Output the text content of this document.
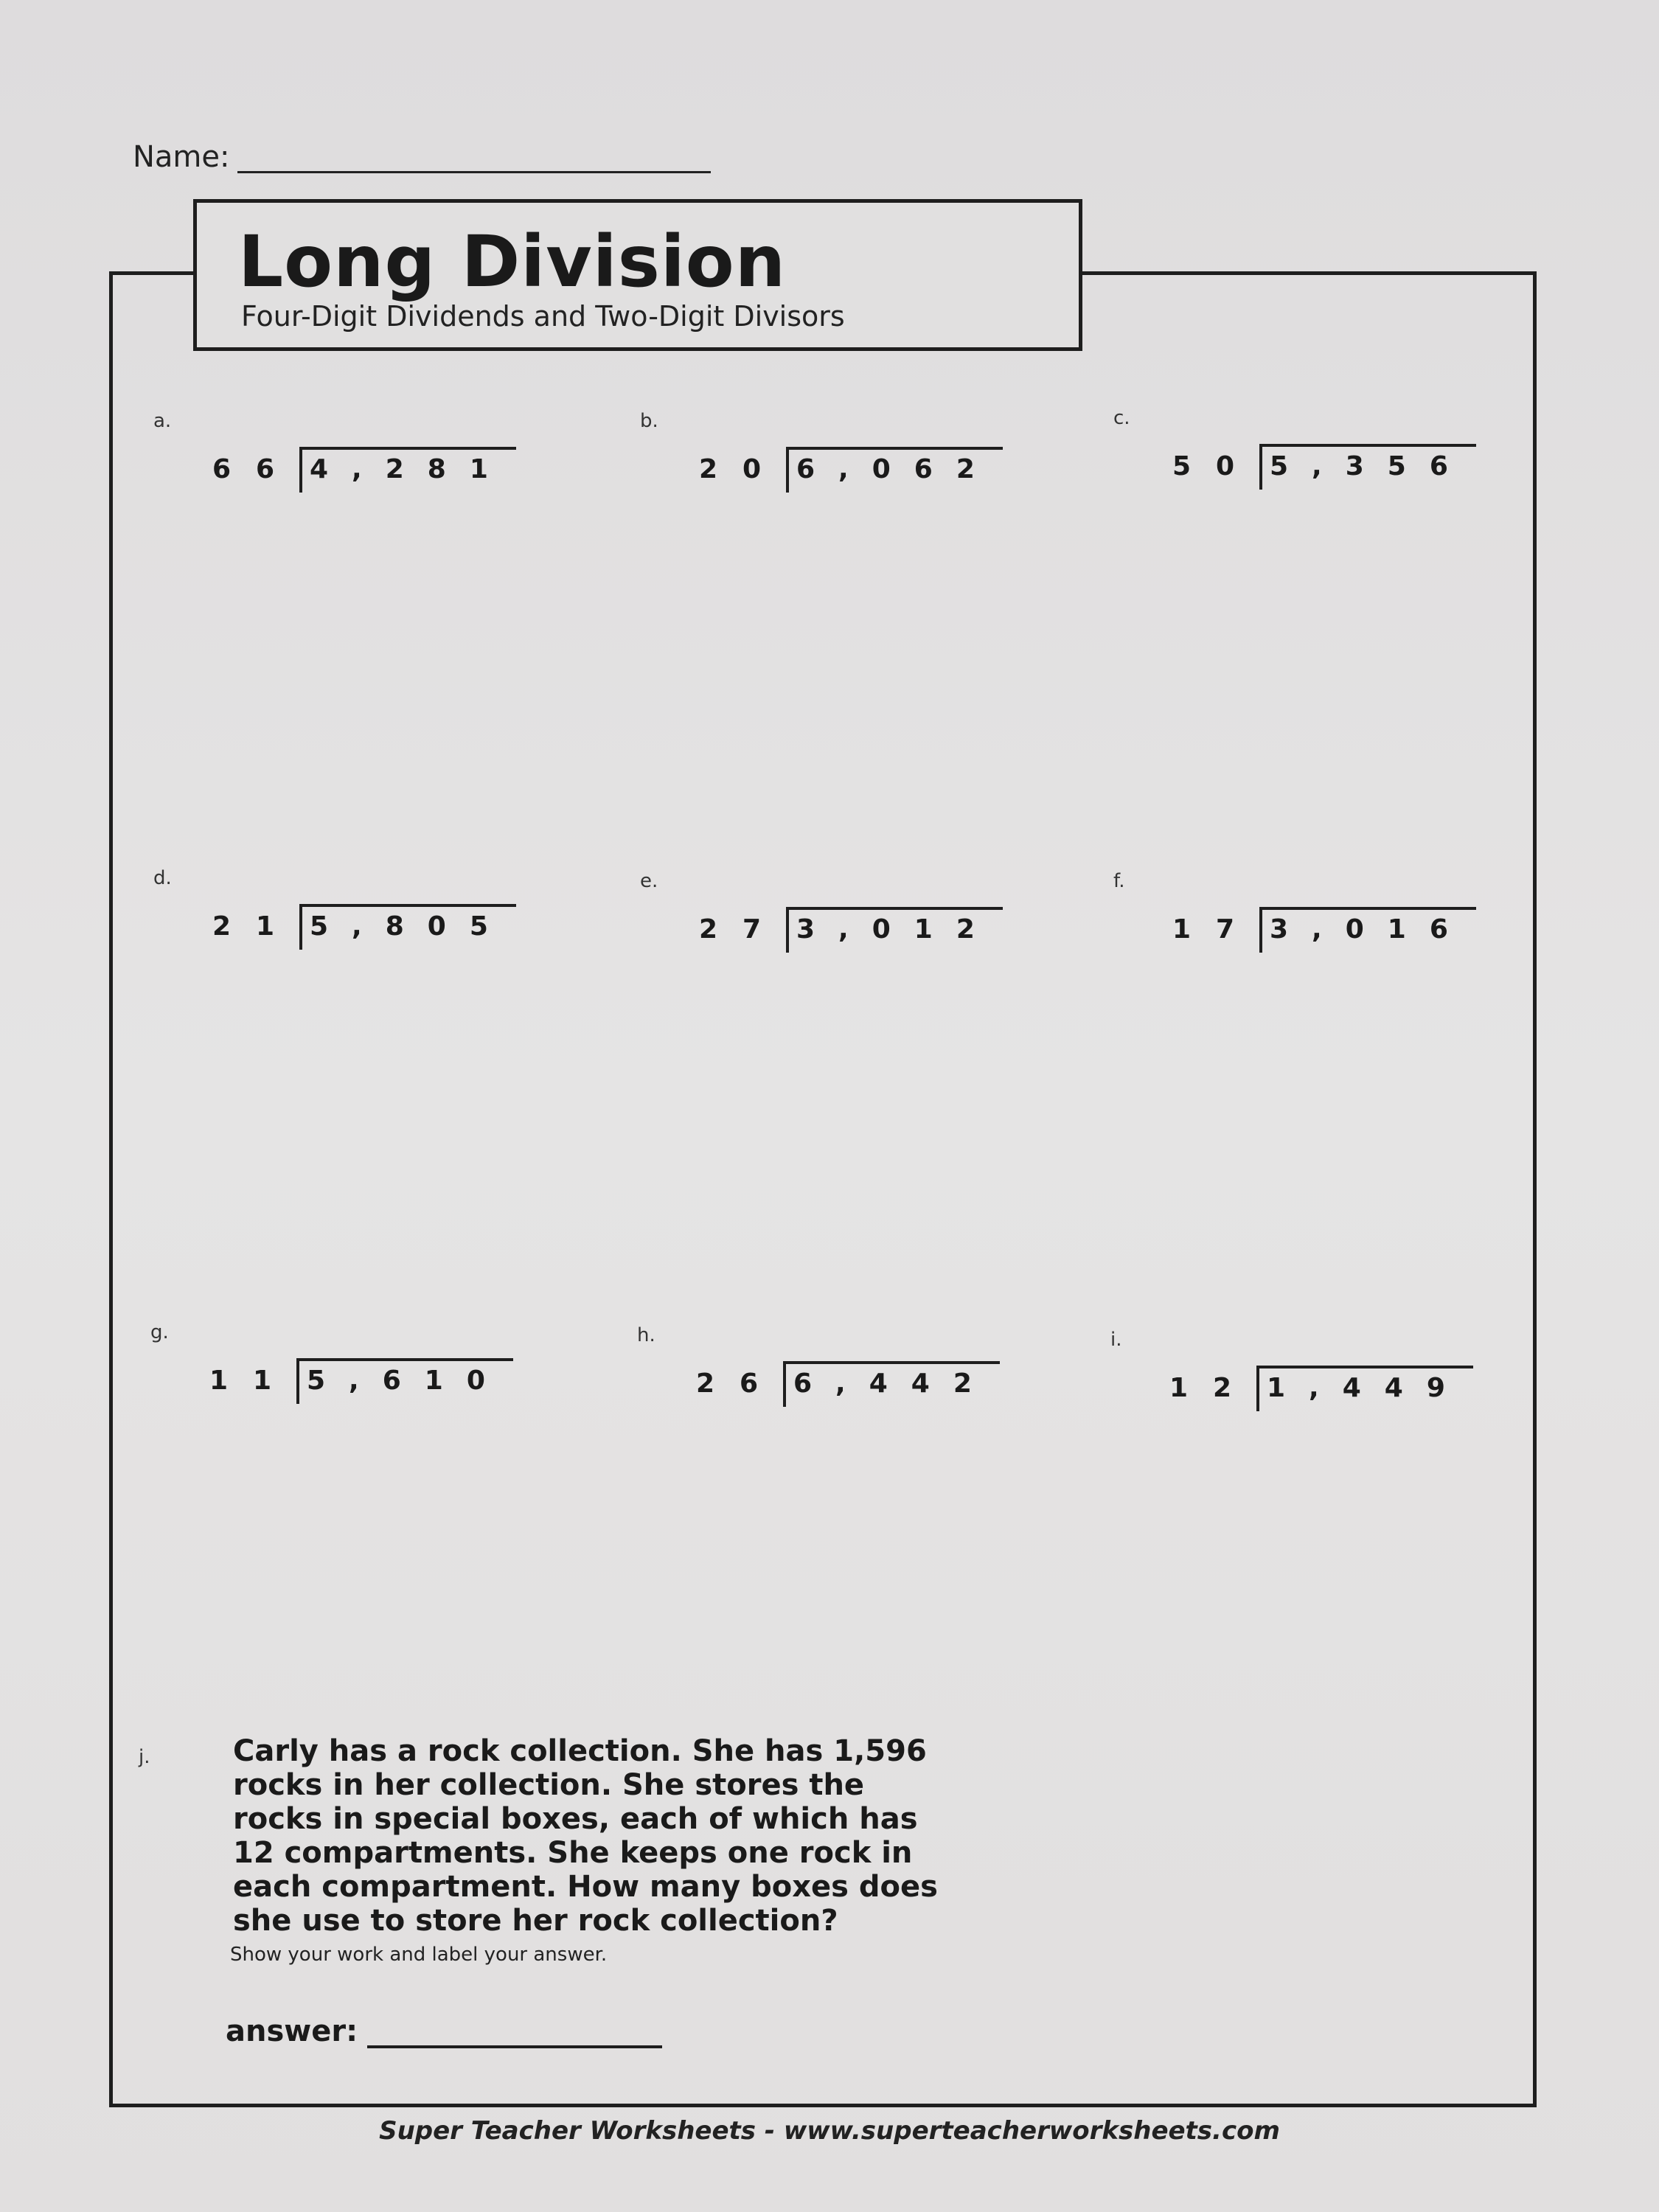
Name:
Long Division
Four-Digit Dividends and Two-Digit Divisors
a.
66 4,281
b.
20 6,062
c.
50 5,356
d.
21 5,805
e.
27 3,012
f.
17 3,016
g.
11 5,610
h.
26 6,442
i.
12 1,449
j.	Carly has a rock collection. She has 1,596 rocks in her collection. She stores the rocks in special boxes, each of which has 12 compartments. She keeps one rock in each compartment. How many boxes does she use to store her rock collection?
Show your work and label your answer.
answer:
Super Teacher Worksheets - www.superteacherworksheets.com
